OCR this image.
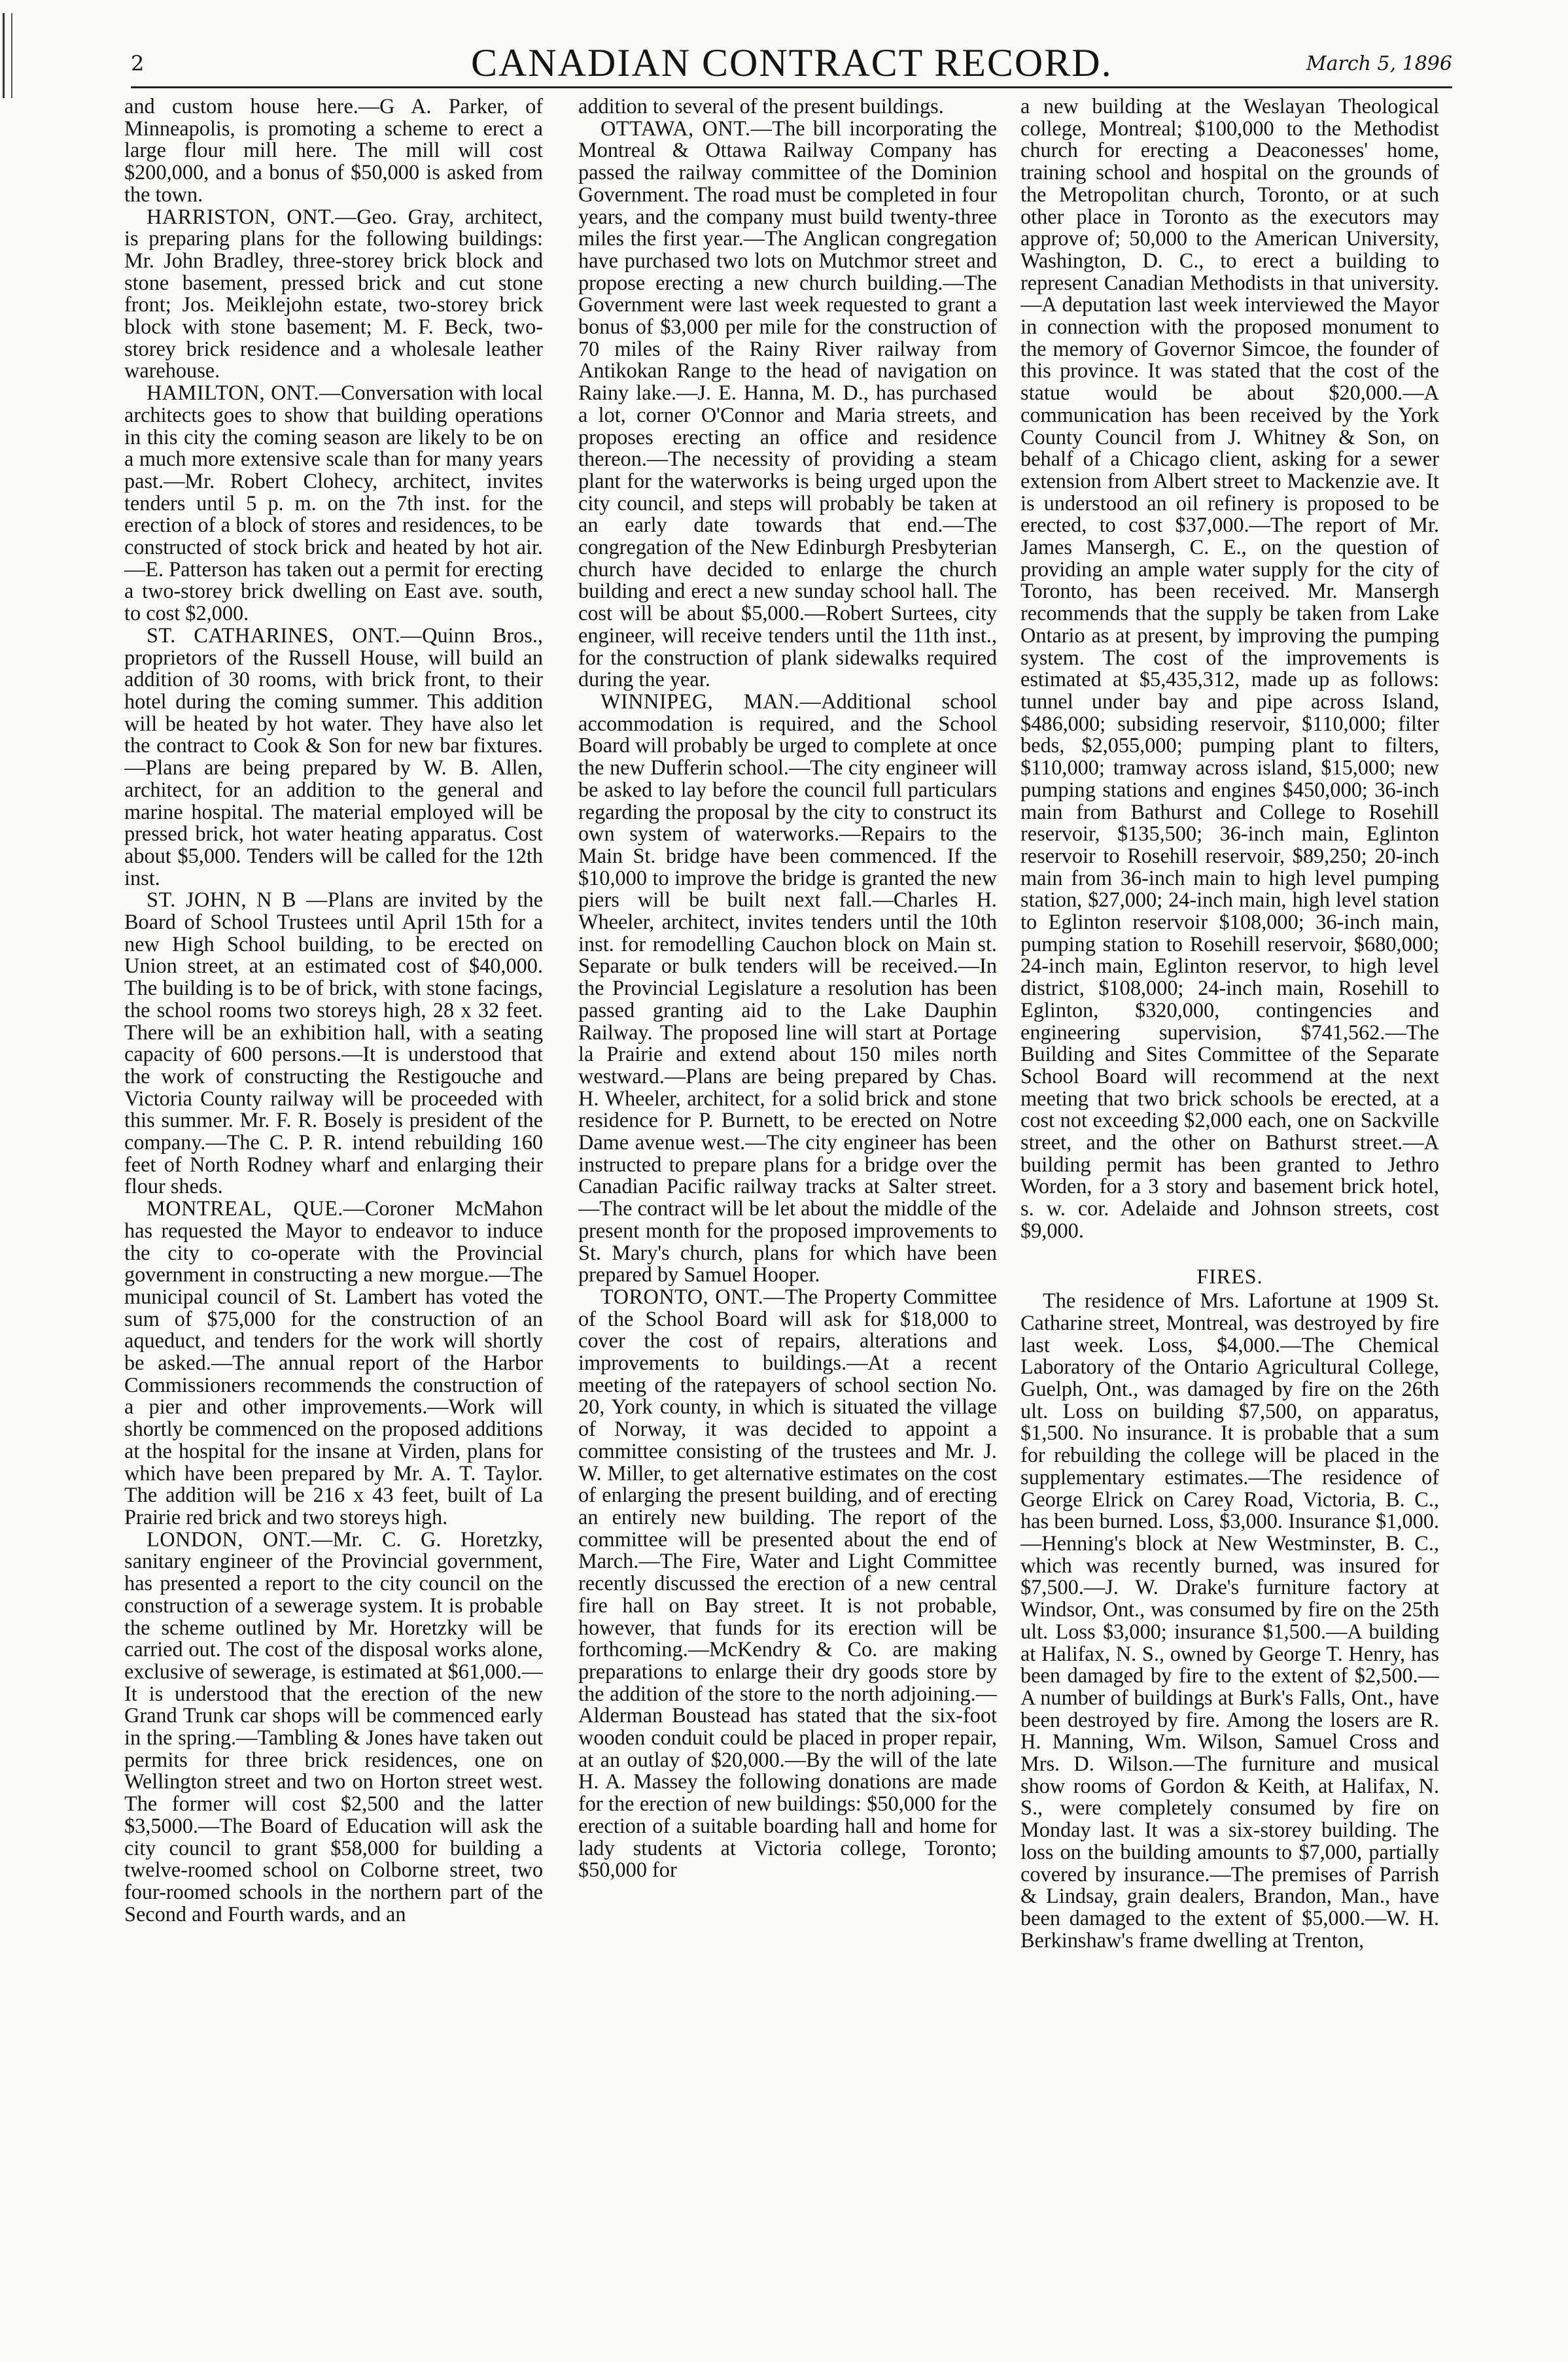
2	CANADIAN CONTRACT RECORD.	March 5, 1896

and custom house here.—G A. Parker, of Minneapolis, is promoting a scheme to erect a large flour mill here. The mill will cost $200,000, and a bonus of $50,000 is asked from the town.

HARRISTON, ONT.—Geo. Gray, architect, is preparing plans for the following buildings: Mr. John Bradley, three-storey brick block and stone basement, pressed brick and cut stone front; Jos. Meiklejohn estate, two-storey brick block with stone basement; M. F. Beck, two-storey brick residence and a wholesale leather warehouse.

HAMILTON, ONT.—Conversation with local architects goes to show that building operations in this city the coming season are likely to be on a much more extensive scale than for many years past.—Mr. Robert Clohecy, architect, invites tenders until 5 p. m. on the 7th inst. for the erection of a block of stores and residences, to be constructed of stock brick and heated by hot air.—E. Patterson has taken out a permit for erecting a two-storey brick dwelling on East ave. south, to cost $2,000.

ST. CATHARINES, ONT.—Quinn Bros., proprietors of the Russell House, will build an addition of 30 rooms, with brick front, to their hotel during the coming summer. This addition will be heated by hot water. They have also let the contract to Cook & Son for new bar fixtures.—Plans are being prepared by W. B. Allen, architect, for an addition to the general and marine hospital. The material employed will be pressed brick, hot water heating apparatus. Cost about $5,000. Tenders will be called for the 12th inst.

ST. JOHN, N B —Plans are invited by the Board of School Trustees until April 15th for a new High School building, to be erected on Union street, at an estimated cost of $40,000. The building is to be of brick, with stone facings, the school rooms two storeys high, 28 x 32 feet. There will be an exhibition hall, with a seating capacity of 600 persons.—It is understood that the work of constructing the Restigouche and Victoria County railway will be proceeded with this summer. Mr. F. R. Bosely is president of the company.—The C. P. R. intend rebuilding 160 feet of North Rodney wharf and enlarging their flour sheds.

MONTREAL, QUE.—Coroner McMahon has requested the Mayor to endeavor to induce the city to co-operate with the Provincial government in constructing a new morgue.—The municipal council of St. Lambert has voted the sum of $75,000 for the construction of an aqueduct, and tenders for the work will shortly be asked.—The annual report of the Harbor Commissioners recommends the construction of a pier and other improvements.—Work will shortly be commenced on the proposed additions at the hospital for the insane at Virden, plans for which have been prepared by Mr. A. T. Taylor. The addition will be 216 x 43 feet, built of La Prairie red brick and two storeys high.

LONDON, ONT.—Mr. C. G. Horetzky, sanitary engineer of the Provincial government, has presented a report to the city council on the construction of a sewerage system. It is probable the scheme outlined by Mr. Horetzky will be carried out. The cost of the disposal works alone, exclusive of sewerage, is estimated at $61,000.—It is understood that the erection of the new Grand Trunk car shops will be commenced early in the spring.—Tambling & Jones have taken out permits for three brick residences, one on Wellington street and two on Horton street west. The former will cost $2,500 and the latter $3,5000.—The Board of Education will ask the city council to grant $58,000 for building a twelve-roomed school on Colborne street, two four-roomed schools in the northern part of the Second and Fourth wards, and an

addition to several of the present buildings.

OTTAWA, ONT.—The bill incorporating the Montreal & Ottawa Railway Company has passed the railway committee of the Dominion Government. The road must be completed in four years, and the company must build twenty-three miles the first year.—The Anglican congregation have purchased two lots on Mutchmor street and propose erecting a new church building.—The Government were last week requested to grant a bonus of $3,000 per mile for the construction of 70 miles of the Rainy River railway from Antikokan Range to the head of navigation on Rainy lake.—J. E. Hanna, M. D., has purchased a lot, corner O'Connor and Maria streets, and proposes erecting an office and residence thereon.—The necessity of providing a steam plant for the waterworks is being urged upon the city council, and steps will probably be taken at an early date towards that end.—The congregation of the New Edinburgh Presbyterian church have decided to enlarge the church building and erect a new sunday school hall. The cost will be about $5,000.—Robert Surtees, city engineer, will receive tenders until the 11th inst., for the construction of plank sidewalks required during the year.

WINNIPEG, MAN.—Additional school accommodation is required, and the School Board will probably be urged to complete at once the new Dufferin school.—The city engineer will be asked to lay before the council full particulars regarding the proposal by the city to construct its own system of waterworks.—Repairs to the Main St. bridge have been commenced. If the $10,000 to improve the bridge is granted the new piers will be built next fall.—Charles H. Wheeler, architect, invites tenders until the 10th inst. for remodelling Cauchon block on Main st. Separate or bulk tenders will be received.—In the Provincial Legislature a resolution has been passed granting aid to the Lake Dauphin Railway. The proposed line will start at Portage la Prairie and extend about 150 miles north westward.—Plans are being prepared by Chas. H. Wheeler, architect, for a solid brick and stone residence for P. Burnett, to be erected on Notre Dame avenue west.—The city engineer has been instructed to prepare plans for a bridge over the Canadian Pacific railway tracks at Salter street.—The contract will be let about the middle of the present month for the proposed improvements to St. Mary's church, plans for which have been prepared by Samuel Hooper.

TORONTO, ONT.—The Property Committee of the School Board will ask for $18,000 to cover the cost of repairs, alterations and improvements to buildings.—At a recent meeting of the ratepayers of school section No. 20, York county, in which is situated the village of Norway, it was decided to appoint a committee consisting of the trustees and Mr. J. W. Miller, to get alternative estimates on the cost of enlarging the present building, and of erecting an entirely new building. The report of the committee will be presented about the end of March.—The Fire, Water and Light Committee recently discussed the erection of a new central fire hall on Bay street. It is not probable, however, that funds for its erection will be forthcoming.—McKendry & Co. are making preparations to enlarge their dry goods store by the addition of the store to the north adjoining.—Alderman Boustead has stated that the six-foot wooden conduit could be placed in proper repair, at an outlay of $20,000.—By the will of the late H. A. Massey the following donations are made for the erection of new buildings: $50,000 for the erection of a suitable boarding hall and home for lady students at Victoria college, Toronto; $50,000 for

a new building at the Weslayan Theological college, Montreal; $100,000 to the Methodist church for erecting a Deaconesses' home, training school and hospital on the grounds of the Metropolitan church, Toronto, or at such other place in Toronto as the executors may approve of; 50,000 to the American University, Washington, D. C., to erect a building to represent Canadian Methodists in that university.—A deputation last week interviewed the Mayor in connection with the proposed monument to the memory of Governor Simcoe, the founder of this province. It was stated that the cost of the statue would be about $20,000.—A communication has been received by the York County Council from J. Whitney & Son, on behalf of a Chicago client, asking for a sewer extension from Albert street to Mackenzie ave. It is understood an oil refinery is proposed to be erected, to cost $37,000.—The report of Mr. James Mansergh, C. E., on the question of providing an ample water supply for the city of Toronto, has been received. Mr. Mansergh recommends that the supply be taken from Lake Ontario as at present, by improving the pumping system. The cost of the improvements is estimated at $5,435,312, made up as follows: tunnel under bay and pipe across Island, $486,000; subsiding reservoir, $110,000; filter beds, $2,055,000; pumping plant to filters, $110,000; tramway across island, $15,000; new pumping stations and engines $450,000; 36-inch main from Bathurst and College to Rosehill reservoir, $135,500; 36-inch main, Eglinton reservoir to Rosehill reservoir, $89,250; 20-inch main from 36-inch main to high level pumping station, $27,000; 24-inch main, high level station to Eglinton reservoir $108,000; 36-inch main, pumping station to Rosehill reservoir, $680,000; 24-inch main, Eglinton reservor, to high level district, $108,000; 24-inch main, Rosehill to Eglinton, $320,000, contingencies and engineering supervision, $741,562.—The Building and Sites Committee of the Separate School Board will recommend at the next meeting that two brick schools be erected, at a cost not exceeding $2,000 each, one on Sackville street, and the other on Bathurst street.—A building permit has been granted to Jethro Worden, for a 3 story and basement brick hotel, s. w. cor. Adelaide and Johnson streets, cost $9,000.

FIRES.

The residence of Mrs. Lafortune at 1909 St. Catharine street, Montreal, was destroyed by fire last week. Loss, $4,000.—The Chemical Laboratory of the Ontario Agricultural College, Guelph, Ont., was damaged by fire on the 26th ult. Loss on building $7,500, on apparatus, $1,500. No insurance. It is probable that a sum for rebuilding the college will be placed in the supplementary estimates.—The residence of George Elrick on Carey Road, Victoria, B. C., has been burned. Loss, $3,000. Insurance $1,000.—Henning's block at New Westminster, B. C., which was recently burned, was insured for $7,500.—J. W. Drake's furniture factory at Windsor, Ont., was consumed by fire on the 25th ult. Loss $3,000; insurance $1,500.—A building at Halifax, N. S., owned by George T. Henry, has been damaged by fire to the extent of $2,500.—A number of buildings at Burk's Falls, Ont., have been destroyed by fire. Among the losers are R. H. Manning, Wm. Wilson, Samuel Cross and Mrs. D. Wilson.—The furniture and musical show rooms of Gordon & Keith, at Halifax, N. S., were completely consumed by fire on Monday last. It was a six-storey building. The loss on the building amounts to $7,000, partially covered by insurance.—The premises of Parrish & Lindsay, grain dealers, Brandon, Man., have been damaged to the extent of $5,000.—W. H. Berkinshaw's frame dwelling at Trenton,
